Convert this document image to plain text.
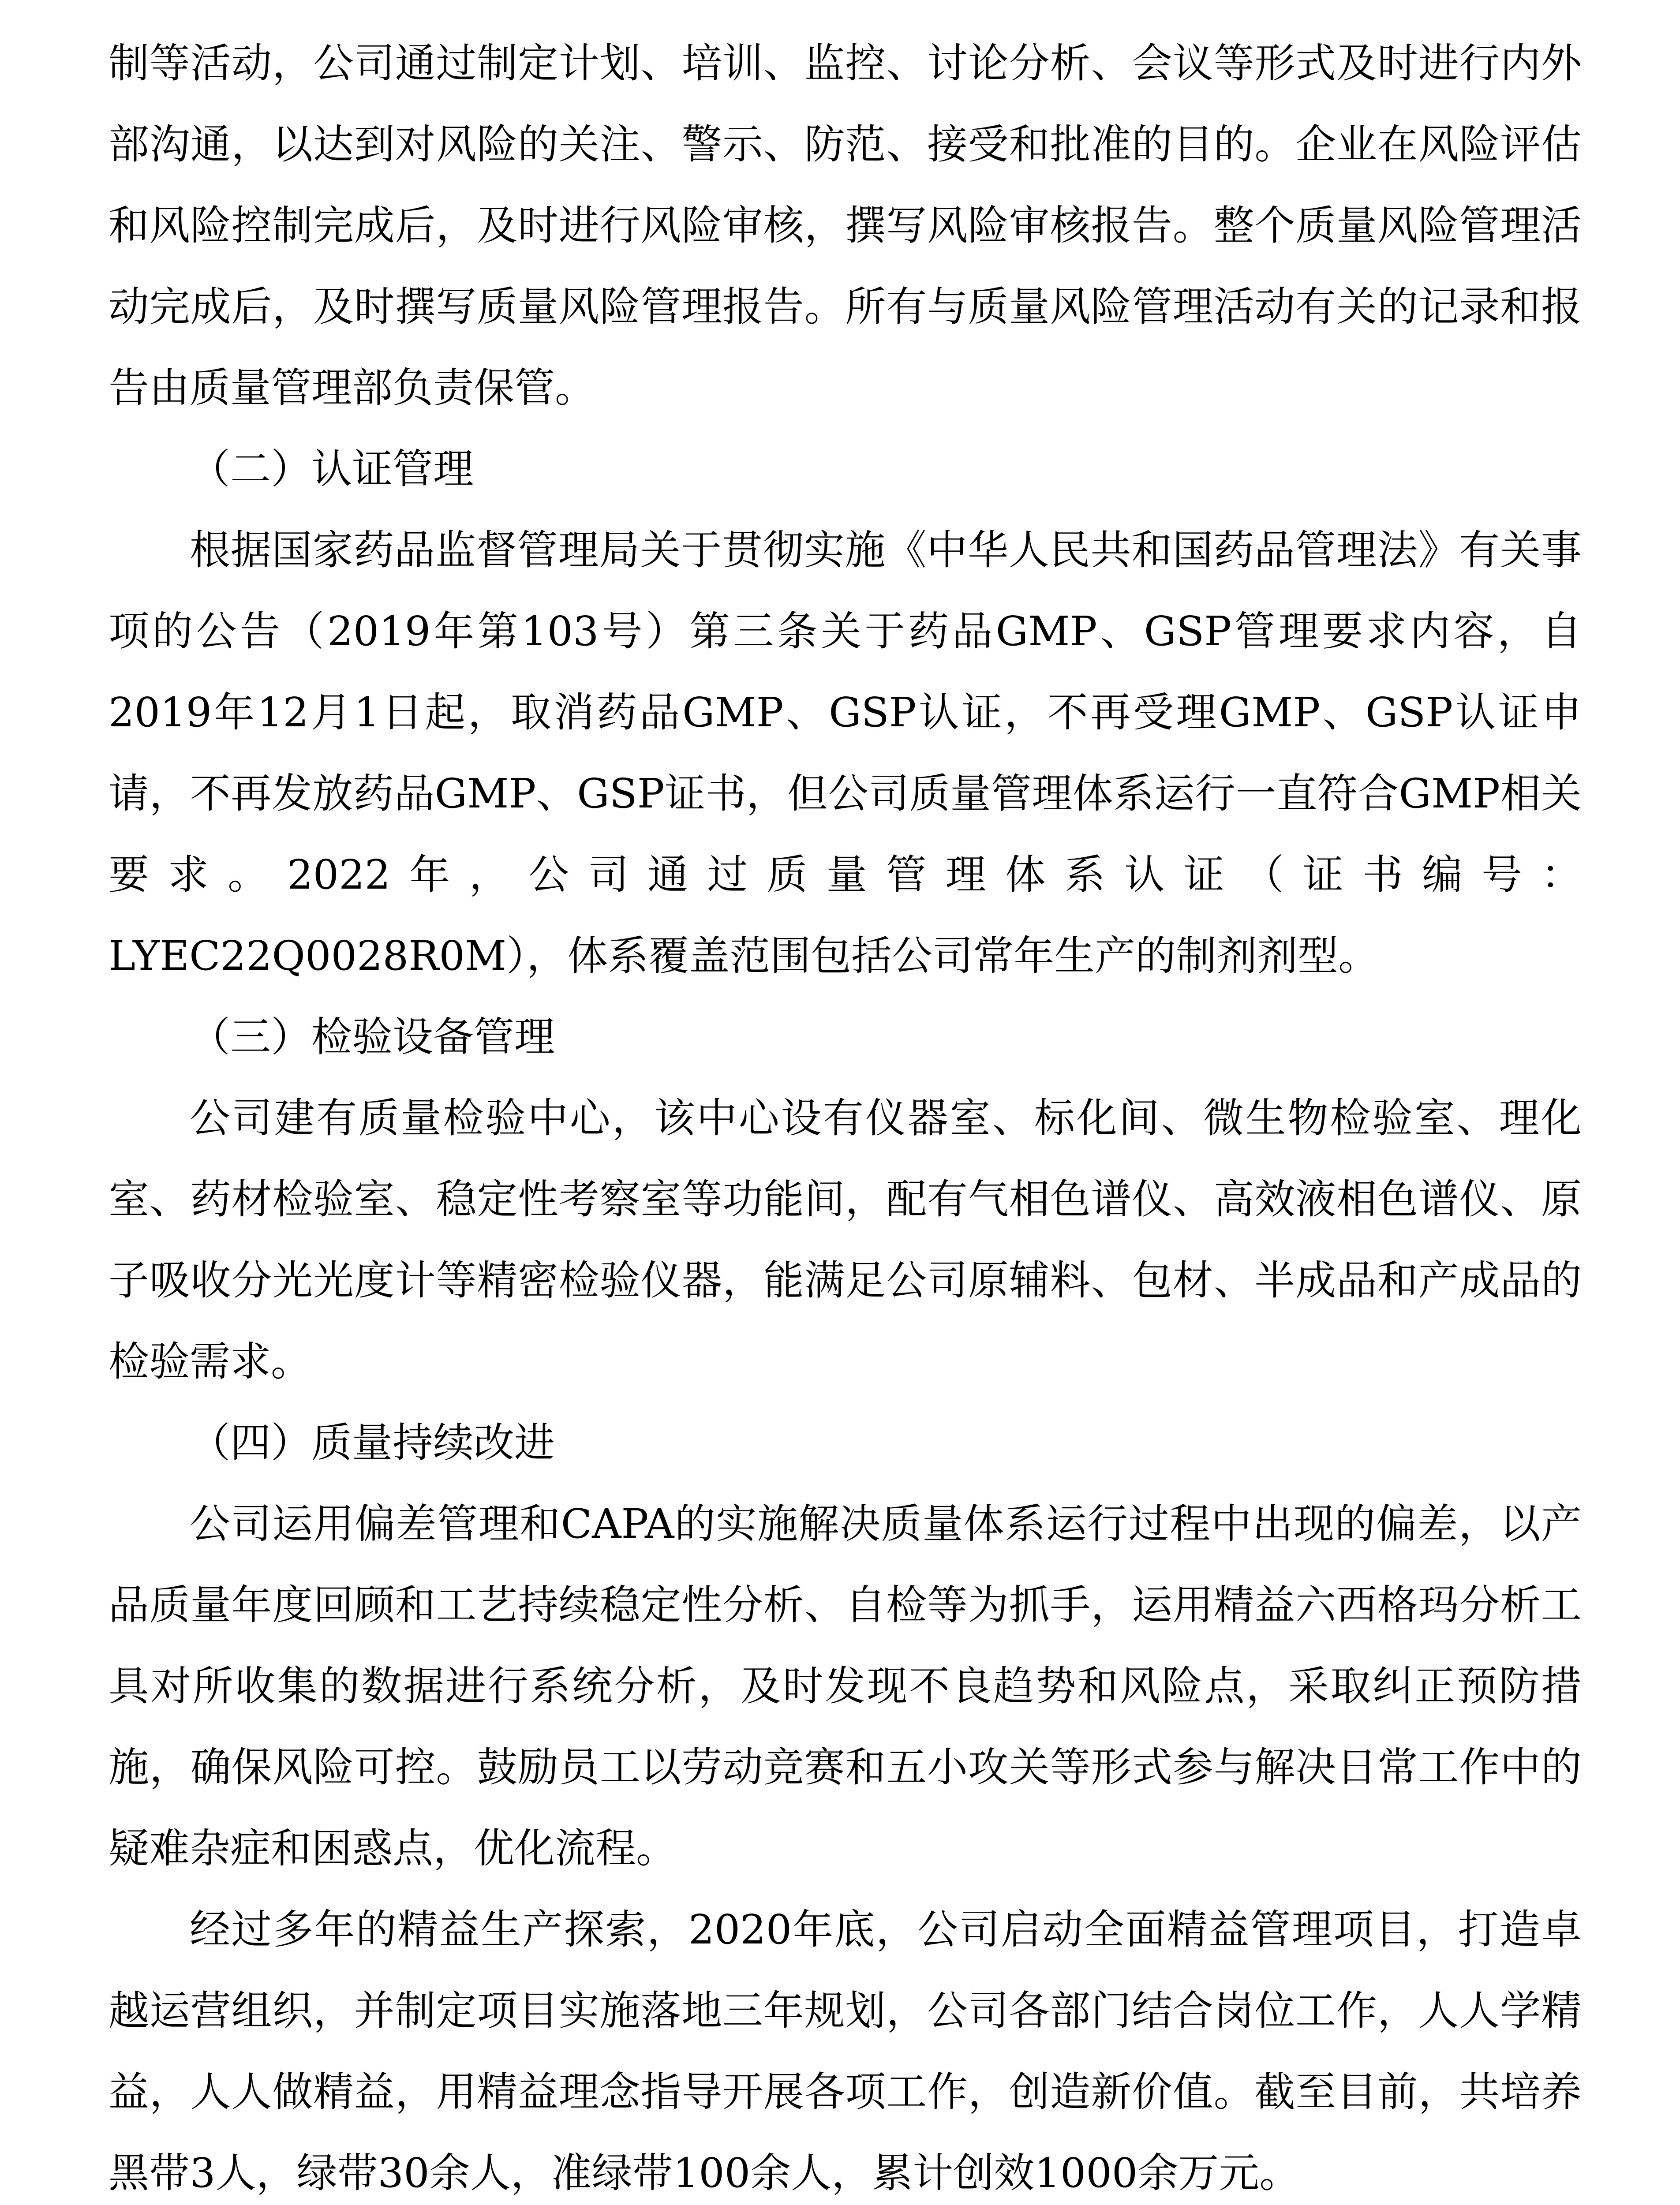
制等活动，公司通过制定计划、培训、监控、讨论分析、会议等形式及时进行内外部沟通，以达到对风险的关注、警示、防范、接受和批准的目的。企业在风险评估和风险控制完成后，及时进行风险审核，撰写风险审核报告。整个质量风险管理活动完成后，及时撰写质量风险管理报告。所有与质量风险管理活动有关的记录和报告由质量管理部负责保管。

（二）认证管理

根据国家药品监督管理局关于贯彻实施《中华人民共和国药品管理法》有关事项的公告（2019年第103号）第三条关于药品GMP、GSP管理要求内容，自2019年12月1日起，取消药品GMP、GSP认证，不再受理GMP、GSP认证申请，不再发放药品GMP、GSP证书，但公司质量管理体系运行一直符合GMP相关要求。2022年，公司通过质量管理体系认证（证书编号：LYEC22Q0028R0M），体系覆盖范围包括公司常年生产的制剂剂型。

（三）检验设备管理

公司建有质量检验中心，该中心设有仪器室、标化间、微生物检验室、理化室、药材检验室、稳定性考察室等功能间，配有气相色谱仪、高效液相色谱仪、原子吸收分光光度计等精密检验仪器，能满足公司原辅料、包材、半成品和产成品的检验需求。

（四）质量持续改进

公司运用偏差管理和CAPA的实施解决质量体系运行过程中出现的偏差，以产品质量年度回顾和工艺持续稳定性分析、自检等为抓手，运用精益六西格玛分析工具对所收集的数据进行系统分析，及时发现不良趋势和风险点，采取纠正预防措施，确保风险可控。鼓励员工以劳动竞赛和五小攻关等形式参与解决日常工作中的疑难杂症和困惑点，优化流程。

经过多年的精益生产探索，2020年底，公司启动全面精益管理项目，打造卓越运营组织，并制定项目实施落地三年规划，公司各部门结合岗位工作，人人学精益，人人做精益，用精益理念指导开展各项工作，创造新价值。截至目前，共培养黑带3人，绿带30余人，准绿带100余人，累计创效1000余万元。
